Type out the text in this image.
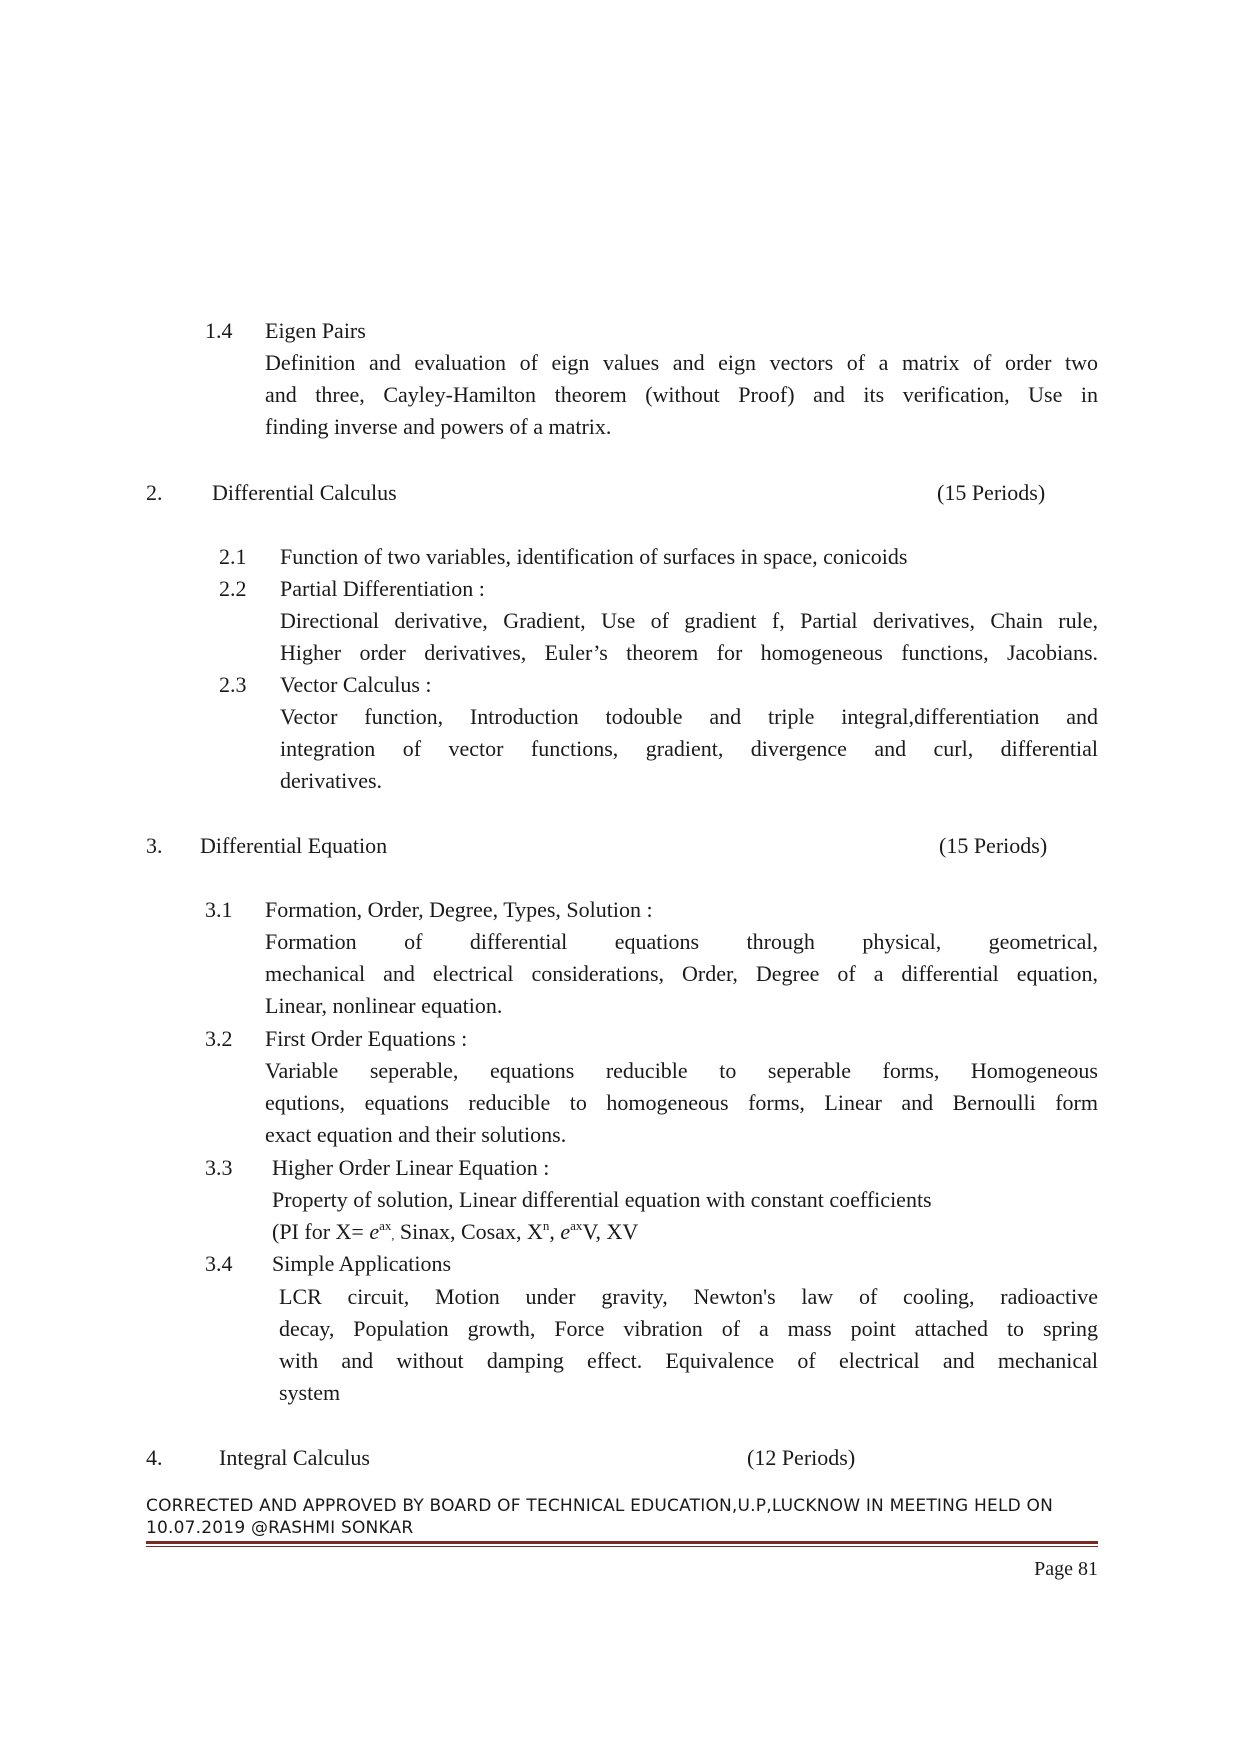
1.4 Eigen Pairs
Definition and evaluation of eign values and eign vectors of a matrix of order two
and three, Cayley-Hamilton theorem (without Proof) and its verification, Use in
finding inverse and powers of a matrix.
2. Differential Calculus	(15 Periods)
2.1 Function of two variables, identification of surfaces in space, conicoids
2.2 Partial Differentiation :
Directional derivative, Gradient, Use of gradient f, Partial derivatives, Chain rule,
Higher order derivatives, Euler’s theorem for homogeneous functions, Jacobians.
2.3 Vector Calculus :
Vector function, Introduction todouble and triple integral,differentiation and
integration of vector functions, gradient, divergence and curl, differential
derivatives.
3. Differential Equation	(15 Periods)
3.1 Formation, Order, Degree, Types, Solution :
Formation of differential equations through physical, geometrical,
mechanical and electrical considerations, Order, Degree of a differential equation,
Linear, nonlinear equation.
3.2 First Order Equations :
Variable seperable, equations reducible to seperable forms, Homogeneous
equtions, equations reducible to homogeneous forms, Linear and Bernoulli form
exact equation and their solutions.
3.3 Higher Order Linear Equation :
Property of solution, Linear differential equation with constant coefficients
(PI for $X= e^{ax}$, Sinax, Cosax, $X^n$, $e^{ax}V$, XV
3.4 Simple Applications
LCR circuit, Motion under gravity, Newton's law of cooling, radioactive
decay, Population growth, Force vibration of a mass point attached to spring
with and without damping effect. Equivalence of electrical and mechanical
system
4.	Integral Calculus	(12 Periods)
CORRECTED AND APPROVED BY BOARD OF TECHNICAL EDUCATION,U.P,LUCKNOW IN MEETING HELD ON
10.07.2019 @RASHMI SONKAR
Page 81
